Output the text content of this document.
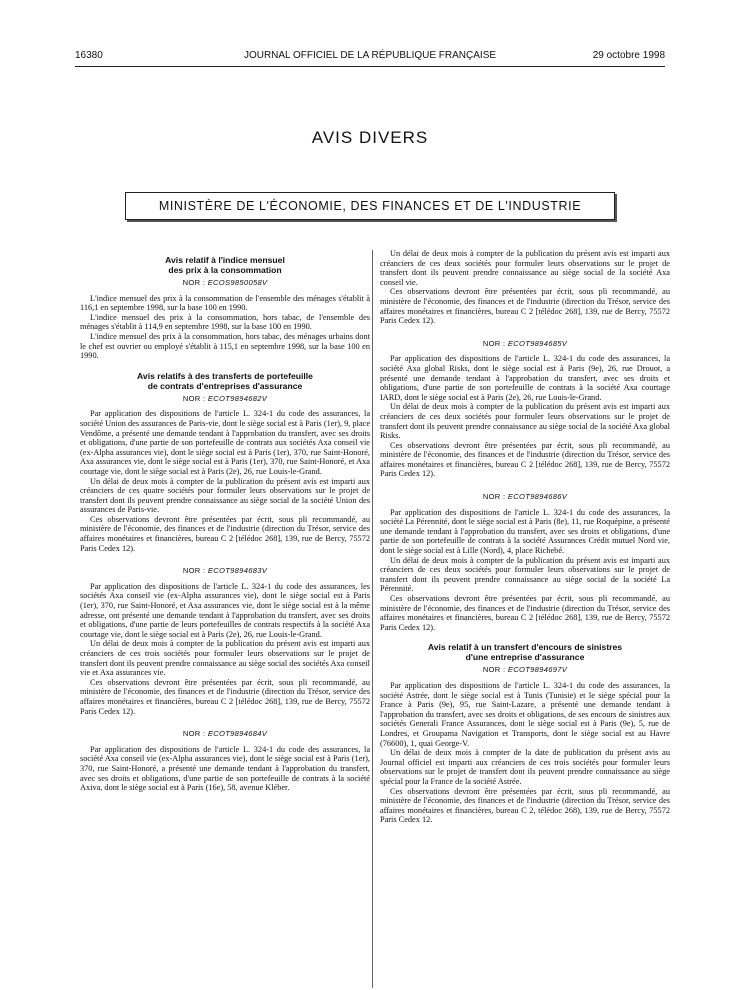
16380	JOURNAL OFFICIEL DE LA RÉPUBLIQUE FRANÇAISE	29 octobre 1998
AVIS DIVERS
MINISTÈRE DE L'ÉCONOMIE, DES FINANCES ET DE L'INDUSTRIE
Avis relatif à l'indice mensuel
des prix à la consommation
NOR : ECOS9850058V

L'indice mensuel des prix à la consommation de l'ensemble des ménages s'établit à 116,1 en septembre 1998, sur la base 100 en 1990.

L'indice mensuel des prix à la consommation, hors tabac, de l'ensemble des ménages s'établit à 114,9 en septembre 1998, sur la base 100 en 1990.

L'indice mensuel des prix à la consommation, hors tabac, des ménages urbains dont le chef est ouvrier ou employé s'établit à 115,1 en septembre 1998, sur la base 100 en 1990.

Avis relatifs à des transferts de portefeuille
de contrats d'entreprises d'assurance
NOR : ECOT9894682V

Par application des dispositions de l'article L. 324-1 du code des assurances, la société Union des assurances de Paris-vie, dont le siège social est à Paris (1er), 9, place Vendôme, a présenté une demande tendant à l'approbation du transfert, avec ses droits et obligations, d'une partie de son portefeuille de contrats aux sociétés Axa conseil vie (ex-Alpha assurances vie), dont le siège social est à Paris (1er), 370, rue Saint-Honoré, Axa assurances vie, dont le siège social est à Paris (1er), 370, rue Saint-Honoré, et Axa courtage vie, dont le siège social est à Paris (2e), 26, rue Louis-le-Grand.

Un délai de deux mois à compter de la publication du présent avis est imparti aux créanciers de ces quatre sociétés pour formuler leurs observations sur le projet de transfert dont ils peuvent prendre connaissance au siège social de la société Union des assurances de Paris-vie.

Ces observations devront être présentées par écrit, sous pli recommandé, au ministère de l'économie, des finances et de l'industrie (direction du Trésor, service des affaires monétaires et financières, bureau C 2 [télédoc 268], 139, rue de Bercy, 75572 Paris Cedex 12).

NOR : ECOT9894683V

Par application des dispositions de l'article L. 324-1 du code des assurances, les sociétés Axa conseil vie (ex-Alpha assurances vie), dont le siège social est à Paris (1er), 370, rue Saint-Honoré, et Axa assurances vie, dont le siège social est à la même adresse, ont présenté une demande tendant à l'approbation du transfert, avec ses droits et obligations, d'une partie de leurs portefeuilles de contrats respectifs à la société Axa courtage vie, dont le siège social est à Paris (2e), 26, rue Louis-le-Grand.

Un délai de deux mois à compter de la publication du présent avis est imparti aux créanciers de ces trois sociétés pour formuler leurs observations sur le projet de transfert dont ils peuvent prendre connaissance au siège social des sociétés Axa conseil vie et Axa assurances vie.

Ces observations devront être présentées par écrit, sous pli recommandé, au ministère de l'économie, des finances et de l'industrie (direction du Trésor, service des affaires monétaires et financières, bureau C 2 [télédoc 268], 139, rue de Bercy, 75572 Paris Cedex 12).

NOR : ECOT9894684V

Par application des dispositions de l'article L. 324-1 du code des assurances, la société Axa conseil vie (ex-Alpha assurances vie), dont le siège social est à Paris (1er), 370, rue Saint-Honoré, a présenté une demande tendant à l'approbation du transfert, avec ses droits et obligations, d'une partie de son portefeuille de contrats à la société Axiva, dont le siège social est à Paris (16e), 58, avenue Kléber.

Un délai de deux mois à compter de la publication du présent avis est imparti aux créanciers de ces deux sociétés pour formuler leurs observations sur le projet de transfert dont ils peuvent prendre connaissance au siège social de la société Axa conseil vie.

Ces observations devront être présentées par écrit, sous pli recommandé, au ministère de l'économie, des finances et de l'industrie (direction du Trésor, service des affaires monétaires et financières, bureau C 2 [télédoc 268], 139, rue de Bercy, 75572 Paris Cedex 12).

NOR : ECOT9894685V

Par application des dispositions de l'article L. 324-1 du code des assurances, la société Axa global Risks, dont le siège social est à Paris (9e), 26, rue Drouot, a présenté une demande tendant à l'approbation du transfert, avec ses droits et obligations, d'une partie de son portefeuille de contrats à la société Axa courtage IARD, dont le siège social est à Paris (2e), 26, rue Louis-le-Grand.

Un délai de deux mois à compter de la publication du présent avis est imparti aux créanciers de ces deux sociétés pour formuler leurs observations sur le projet de transfert dont ils peuvent prendre connaissance au siège social de la société Axa global Risks.

Ces observations devront être présentées par écrit, sous pli recommandé, au ministère de l'économie, des finances et de l'industrie (direction du Trésor, service des affaires monétaires et financières, bureau C 2 [télédoc 268], 139, rue de Bercy, 75572 Paris Cedex 12).

NOR : ECOT9894686V

Par application des dispositions de l'article L. 324-1 du code des assurances, la société La Pérennité, dont le siège social est à Paris (8e), 11, rue Roquépine, a présenté une demande tendant à l'approbation du transfert, avec ses droits et obligations, d'une partie de son portefeuille de contrats à la société Assurances Crédit mutuel Nord vie, dont le siège social est à Lille (Nord), 4, place Richebé.

Un délai de deux mois à compter de la publication du présent avis est imparti aux créanciers de ces deux sociétés pour formuler leurs observations sur le projet de transfert dont ils peuvent prendre connaissance au siège social de la société La Pérennité.

Ces observations devront être présentées par écrit, sous pli recommandé, au ministère de l'économie, des finances et de l'industrie (direction du Trésor, service des affaires monétaires et financières, bureau C 2 [télédoc 268], 139, rue de Bercy, 75572 Paris Cedex 12).

Avis relatif à un transfert d'encours de sinistres
d'une entreprise d'assurance
NOR : ECOT9894697V

Par application des dispositions de l'article L. 324-1 du code des assurances, la société Astrée, dont le siège social est à Tunis (Tunisie) et le siège spécial pour la France à Paris (9e), 95, rue Saint-Lazare, a présenté une demande tendant à l'approbation du transfert, avec ses droits et obligations, de ses encours de sinistres aux sociétés Generali France Assurances, dont le siège social est à Paris (9e), 5, rue de Londres, et Groupama Navigation et Transports, dont le siège social est au Havre (76600), 1, quai George-V.

Un délai de deux mois à compter de la date de publication du présent avis au Journal officiel est imparti aux créanciers de ces trois sociétés pour formuler leurs observations sur le projet de transfert dont ils peuvent prendre connaissance au siège spécial pour la France de la société Astrée.

Ces observations devront être présentées par écrit, sous pli recommandé, au ministère de l'économie, des finances et de l'industrie (direction du Trésor, service des affaires monétaires et financières, bureau C 2, télédoc 268), 139, rue de Bercy, 75572 Paris Cedex 12.
